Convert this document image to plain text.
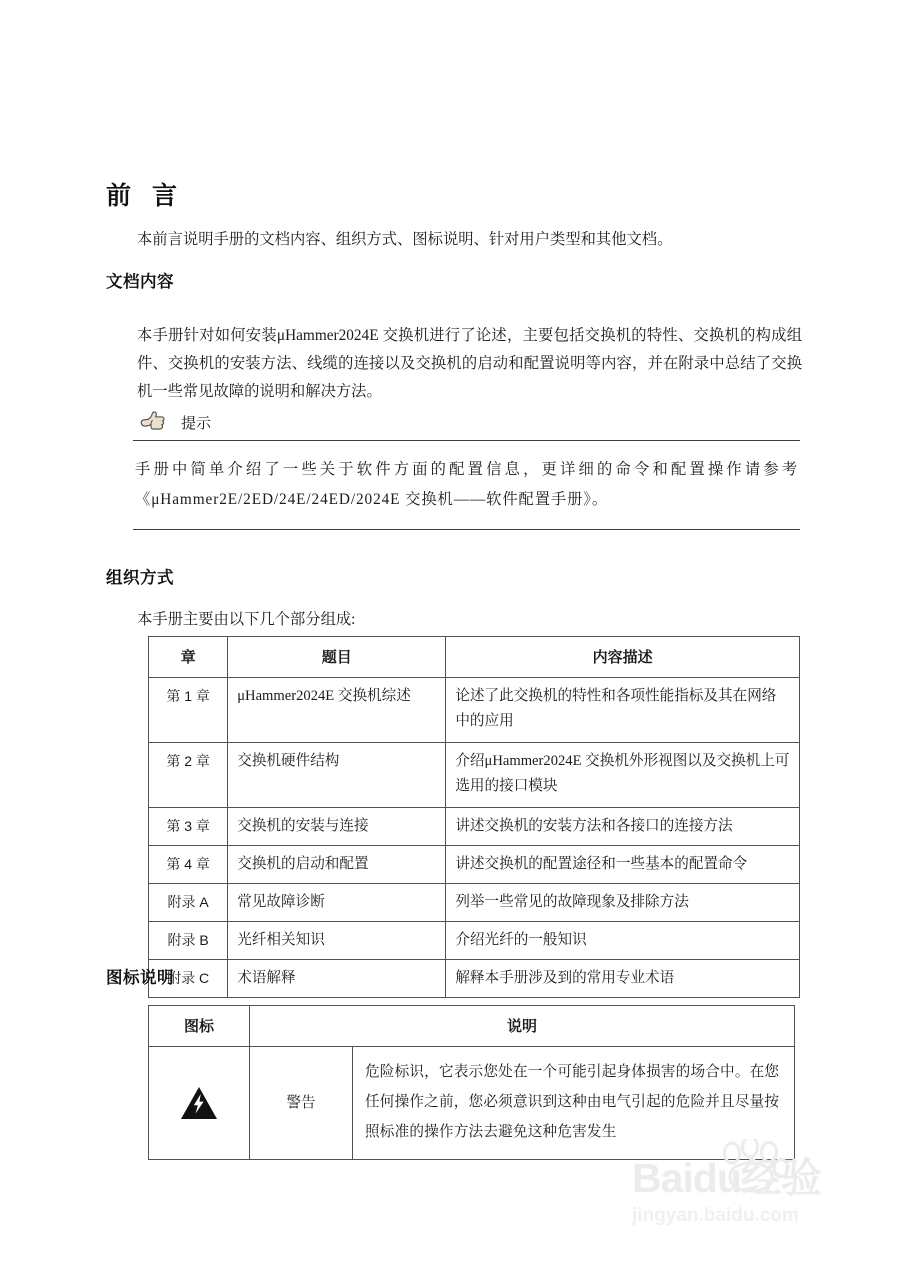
前 言
本前言说明手册的文档内容、组织方式、图标说明、针对用户类型和其他文档。
文档内容
本手册针对如何安装μHammer2024E 交换机进行了论述，主要包括交换机的特性、交换机的构成组件、交换机的安装方法、线缆的连接以及交换机的启动和配置说明等内容，并在附录中总结了交换机一些常见故障的说明和解决方法。
提示
手册中简单介绍了一些关于软件方面的配置信息，更详细的命令和配置操作请参考《μHammer2E/2ED/24E/24ED/2024E 交换机——软件配置手册》。
组织方式
本手册主要由以下几个部分组成:
章	题目	内容描述
第 1 章	μHammer2024E 交换机综述	论述了此交换机的特性和各项性能指标及其在网络中的应用
第 2 章	交换机硬件结构	介绍μHammer2024E 交换机外形视图以及交换机上可选用的接口模块
第 3 章	交换机的安装与连接	讲述交换机的安装方法和各接口的连接方法
第 4 章	交换机的启动和配置	讲述交换机的配置途径和一些基本的配置命令
附录 A	常见故障诊断	列举一些常见的故障现象及排除方法
附录 B	光纤相关知识	介绍光纤的一般知识
附录 C	术语解释	解释本手册涉及到的常用专业术语
图标说明
图标	说明	
	警告	危险标识，它表示您处在一个可能引起身体损害的场合中。在您任何操作之前，您必须意识到这种由电气引起的危险并且尽量按照标准的操作方法去避免这种危害发生
Baidu经验
jingyan.baidu.com
